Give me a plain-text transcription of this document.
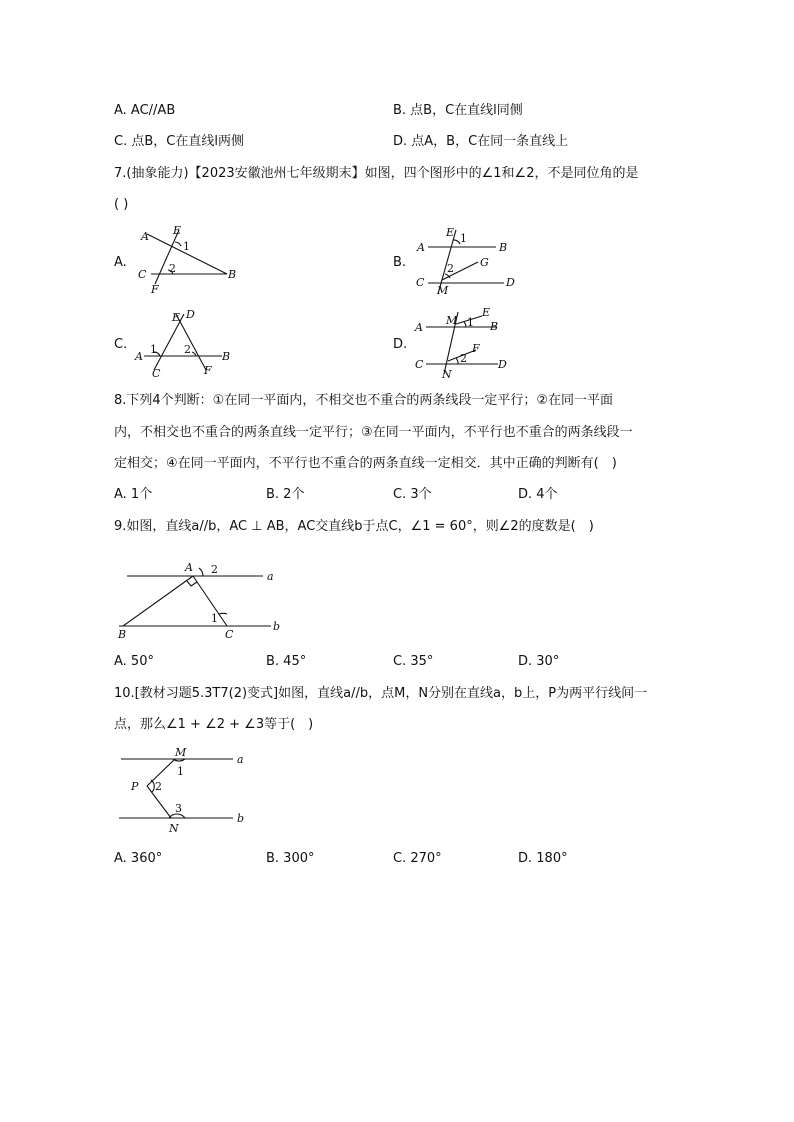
A. AC//AB	B. 点B，C在直线l同侧
C. 点B，C在直线l两侧	D. 点A，B，C在同一条直线上
7.(抽象能力)【2023安徽池州七年级期末】如图，四个图形中的∠1和∠2，不是同位角的是
( )
A.
A E
1
2
C	B
F
B.
E 1
A	B
2 G
C
M
D
C.
E D
1 2
A	B
C	F
D.
M
E
1 B
A
F
2
C	D
N
8.下列4个判断：①在同一平面内，不相交也不重合的两条线段一定平行；②在同一平面
内，不相交也不重合的两条直线一定平行；③在同一平面内，不平行也不重合的两条线段一
定相交；④在同一平面内，不平行也不重合的两条直线一定相交．其中正确的判断有(　)
A. 1个	B. 2个	C. 3个	D. 4个
9.如图，直线a//b，AC ⊥ AB，AC交直线b于点C，∠1 = 60°，则∠2的度数是(　)
A 2
a
1
B	C
b
A. 50°	B. 45°	C. 35°	D. 30°
10.[教材习题5.3T7(2)变式]如图，直线a//b，点M，N分别在直线a，b上，P为两平行线间一
点，那么∠1 + ∠2 + ∠3等于(　)
M
1
a
P 2
3
N
b
A. 360°	B. 300°	C. 270°	D. 180°
